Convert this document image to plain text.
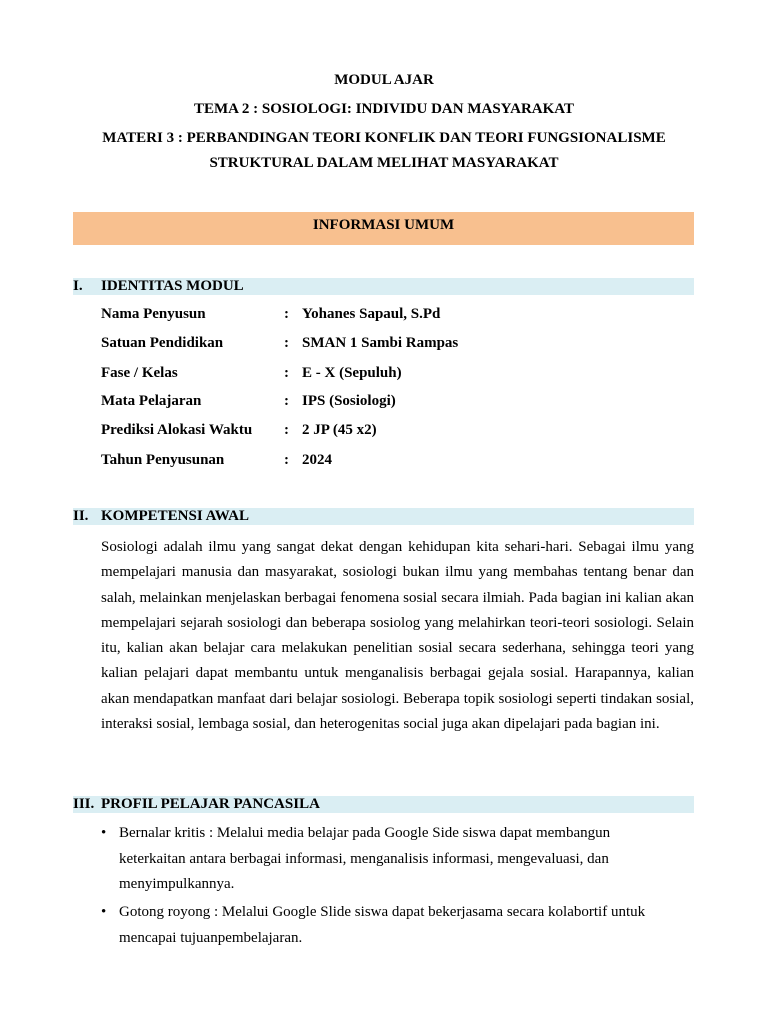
MODUL AJAR
TEMA 2 : SOSIOLOGI: INDIVIDU DAN MASYARAKAT
MATERI 3 : PERBANDINGAN TEORI KONFLIK DAN TEORI FUNGSIONALISME
STRUKTURAL DALAM MELIHAT MASYARAKAT
INFORMASI UMUM
I. IDENTITAS MODUL
Nama Penyusun	: Yohanes Sapaul, S.Pd
Satuan Pendidikan	: SMAN 1 Sambi Rampas
Fase / Kelas	: E - X (Sepuluh)
Mata Pelajaran	: IPS (Sosiologi)
Prediksi Alokasi Waktu : 2 JP (45 x2)
Tahun Penyusunan	: 2024
II. KOMPETENSI AWAL

Sosiologi adalah ilmu yang sangat dekat dengan kehidupan kita sehari-hari. Sebagai ilmu yang mempelajari manusia dan masyarakat, sosiologi bukan ilmu yang membahas tentang benar dan salah, melainkan menjelaskan berbagai fenomena sosial secara ilmiah. Pada bagian ini kalian akan mempelajari sejarah sosiologi dan beberapa sosiolog yang melahirkan teori-teori sosiologi. Selain itu, kalian akan belajar cara melakukan penelitian sosial secara sederhana, sehingga teori yang kalian pelajari dapat membantu untuk menganalisis berbagai gejala sosial. Harapannya, kalian akan mendapatkan manfaat dari belajar sosiologi. Beberapa topik sosiologi seperti tindakan sosial, interaksi sosial, lembaga sosial, dan heterogenitas social juga akan dipelajari pada bagian ini.

III. PROFIL PELAJAR PANCASILA
• Bernalar kritis : Melalui media belajar pada Google Side siswa dapat membangun keterkaitan antara berbagai informasi, menganalisis informasi, mengevaluasi, dan menyimpulkannya.
• Gotong royong : Melalui Google Slide siswa dapat bekerjasama secara kolabortif untuk mencapai tujuanpembelajaran.
